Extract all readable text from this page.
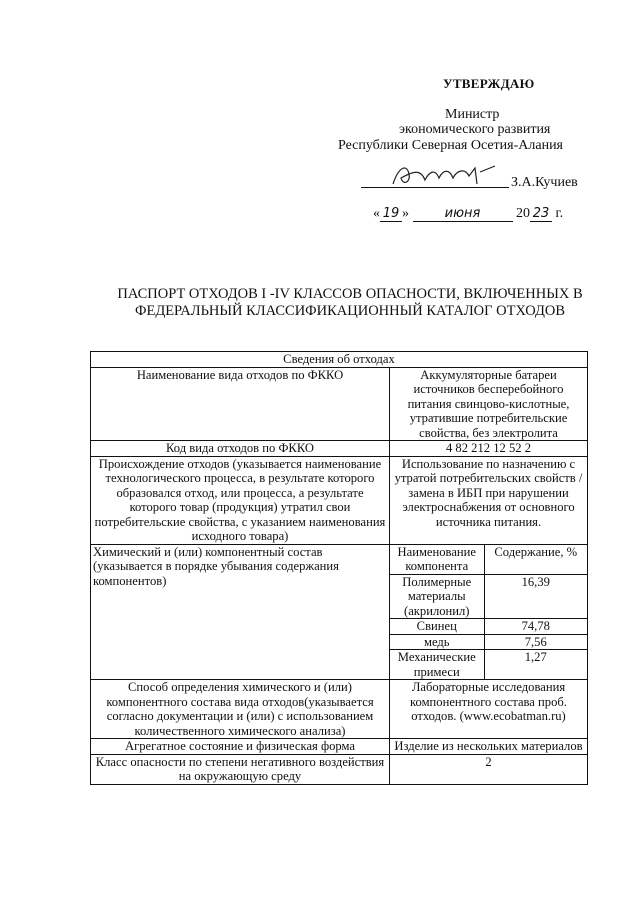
УТВЕРЖДАЮ
Министр
экономического развития
Республики Северная Осетия-Алания
З.А.Кучиев
« 19 »	июня	20 23 г.
ПАСПОРТ ОТХОДОВ I -IV КЛАССОВ ОПАСНОСТИ, ВКЛЮЧЕННЫХ В
ФЕДЕРАЛЬНЫЙ КЛАССИФИКАЦИОННЫЙ КАТАЛОГ ОТХОДОВ
Сведения об отходах
Наименование вида отходов по ФККО	Аккумуляторные батареи источников бесперебойного питания свинцово-кислотные, утратившие потребительские свойства, без электролита
Код вида отходов по ФККО	4 82 212 12 52 2
Происхождение отходов (указывается наименование технологического процесса, в результате которого образовался отход, или процесса, а результате которого товар (продукция) утратил свои потребительские свойства, с указанием наименования исходного товара)	Использование по назначению с утратой потребительских свойств / замена в ИБП при нарушении электроснабжения от основного источника питания.
Химический и (или) компонентный состав (указывается в порядке убывания содержания компонентов)	
Наименование компонента	Содержание, %
Полимерные материалы (акрилонил)	16,39
Свинец	74,78
медь	7,56
Механические примеси	1,27

Способ определения химического и (или) компонентного состава вида отходов(указывается согласно документации и (или) с использованием количественного химического анализа)	Лабораторные исследования компонентного состава проб. отходов. (www.ecobatman.ru)
Агрегатное состояние и физическая форма	Изделие из нескольких материалов
Класс опасности по степени негативного воздействия на окружающую среду	2
